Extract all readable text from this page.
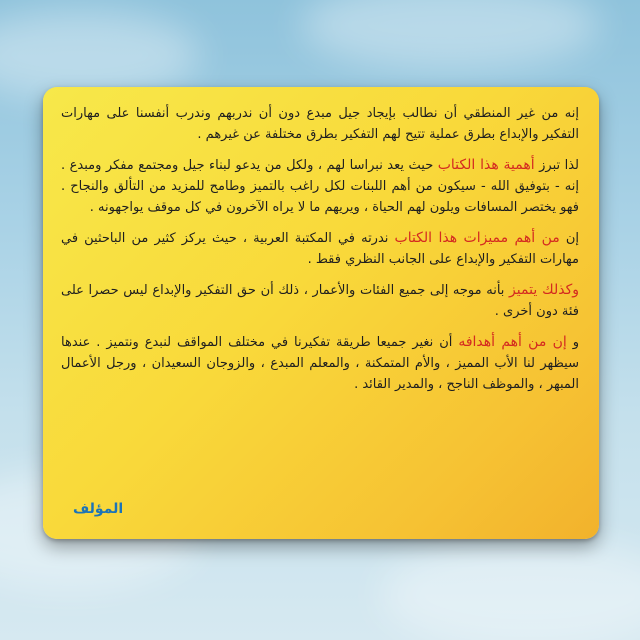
إنه من غير المنطقي أن نطالب بإيجاد جيل مبدع دون أن ندربهم وندرب أنفسنا على مهارات التفكير والإبداع بطرق عملية تتيح لهم التفكير بطرق مختلفة عن غيرهم .

لذا تبرز أهمية هذا الكتاب حيث يعد نبراسا لهم ، ولكل من يدعو لبناء جيل ومجتمع مفكر ومبدع . إنه - بتوفيق الله - سيكون من أهم اللبنات لكل راغب بالتميز وطامح للمزيد من التألق والنجاح . فهو يختصر المسافات ويلون لهم الحياة ، ويريهم ما لا يراه الآخرون في كل موقف يواجهونه .

إن من أهم مميزات هذا الكتاب ندرته في المكتبة العربية ، حيث يركز كثير من الباحثين في مهارات التفكير والإبداع على الجانب النظري فقط .

وكذلك يتميز بأنه موجه إلى جميع الفئات والأعمار ، ذلك أن حق التفكير والإبداع ليس حصرا على فئة دون أخرى .

و إن من أهم أهدافه أن نغير جميعا طريقة تفكيرنا في مختلف المواقف لنبدع ونتميز . عندها سيظهر لنا الأب المميز ، والأم المتمكنة ، والمعلم المبدع ، والزوجان السعيدان ، ورجل الأعمال المبهر ، والموظف الناجح ، والمدير القائد .

المؤلف
